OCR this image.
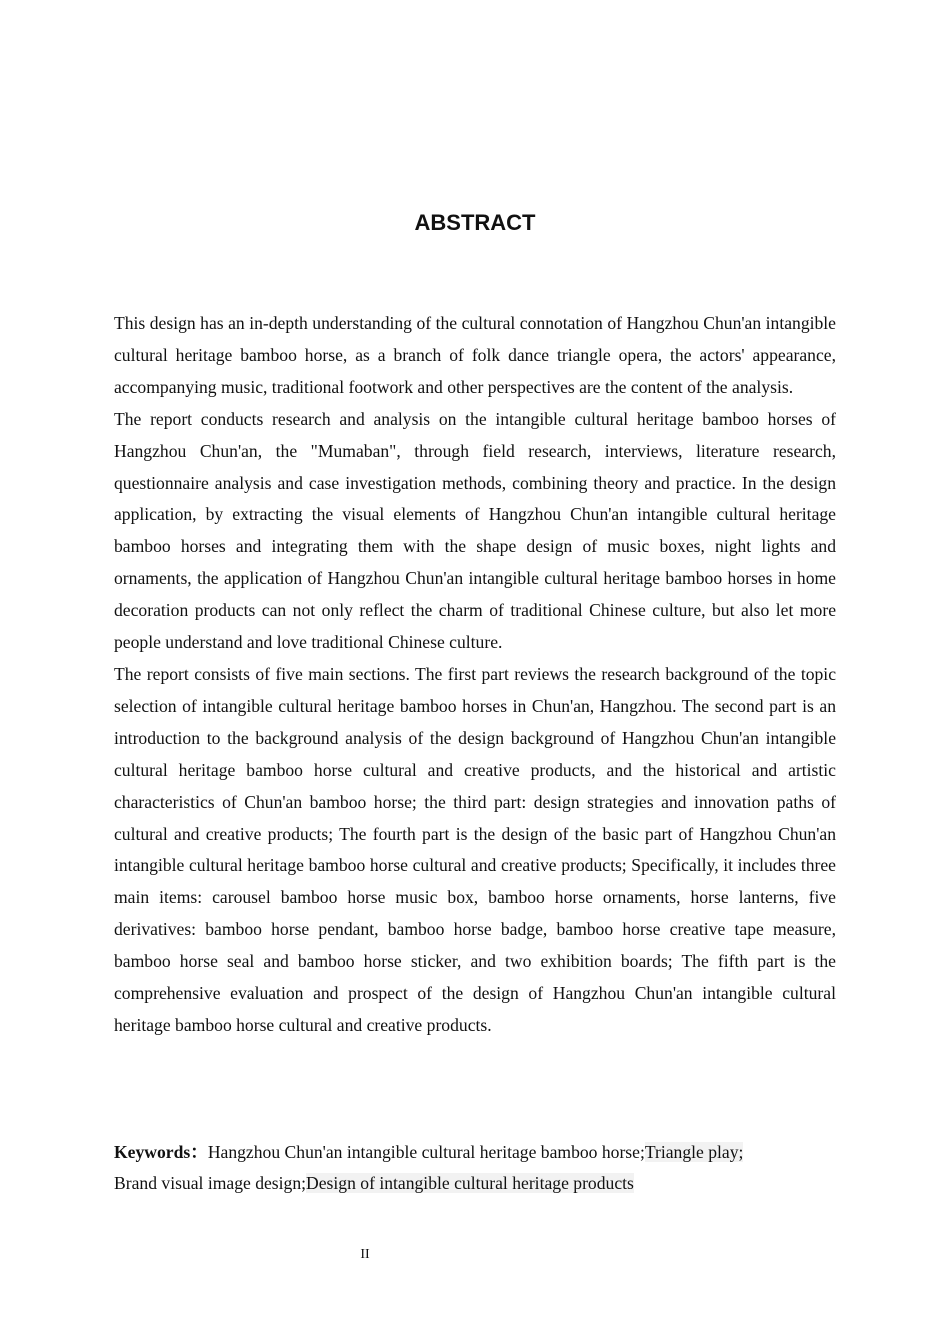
ABSTRACT

This design has an in-depth understanding of the cultural connotation of Hangzhou Chun'an intangible cultural heritage bamboo horse, as a branch of folk dance triangle opera, the actors' appearance, accompanying music, traditional footwork and other perspectives are the content of the analysis.

The report conducts research and analysis on the intangible cultural heritage bamboo horses of Hangzhou Chun'an, the "Mumaban", through field research, interviews, literature research, questionnaire analysis and case investigation methods, combining theory and practice. In the design application, by extracting the visual elements of Hangzhou Chun'an intangible cultural heritage bamboo horses and integrating them with the shape design of music boxes, night lights and ornaments, the application of Hangzhou Chun'an intangible cultural heritage bamboo horses in home decoration products can not only reflect the charm of traditional Chinese culture, but also let more people understand and love traditional Chinese culture.

The report consists of five main sections. The first part reviews the research background of the topic selection of intangible cultural heritage bamboo horses in Chun'an, Hangzhou. The second part is an introduction to the background analysis of the design background of Hangzhou Chun'an intangible cultural heritage bamboo horse cultural and creative products, and the historical and artistic characteristics of Chun'an bamboo horse; the third part: design strategies and innovation paths of cultural and creative products; The fourth part is the design of the basic part of Hangzhou Chun'an intangible cultural heritage bamboo horse cultural and creative products; Specifically, it includes three main items: carousel bamboo horse music box, bamboo horse ornaments, horse lanterns, five derivatives: bamboo horse pendant, bamboo horse badge, bamboo horse creative tape measure, bamboo horse seal and bamboo horse sticker, and two exhibition boards; The fifth part is the comprehensive evaluation and prospect of the design of Hangzhou Chun'an intangible cultural heritage bamboo horse cultural and creative products.

Keywords：Hangzhou Chun'an intangible cultural heritage bamboo horse;Triangle play;
Brand visual image design;Design of intangible cultural heritage products
II
